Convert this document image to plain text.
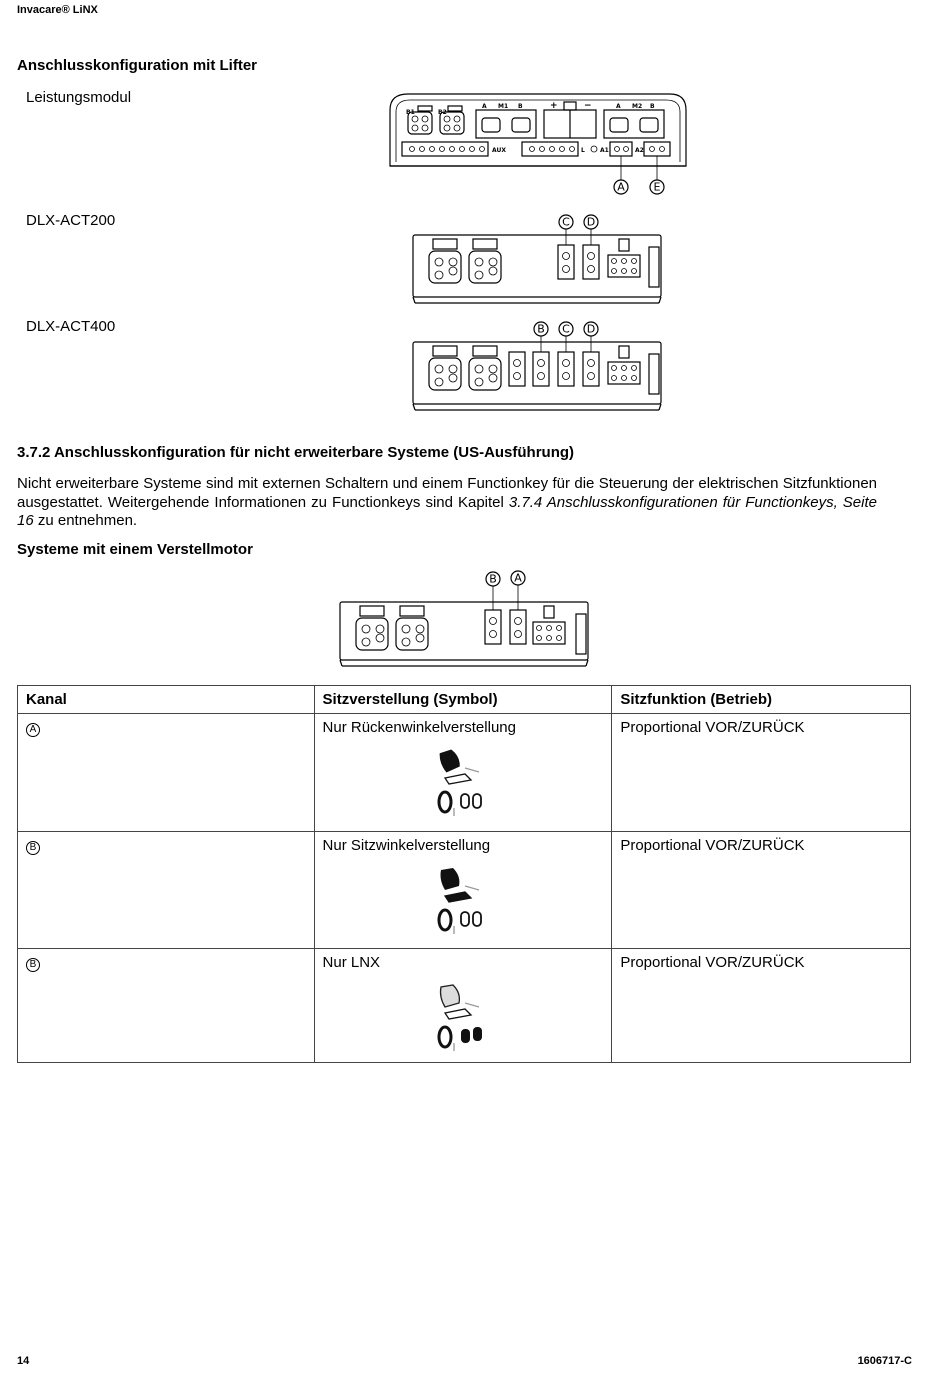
Invacare® LiNX
Anschlusskonfiguration mit Lifter
Leistungsmodul
DLX-ACT200
DLX-ACT400
B1	B2
A M1 B	+	−	A M2 B
AUX	L	A1	A2
A	E
C D
B C D
3.7.2 Anschlusskonfiguration für nicht erweiterbare Systeme (US-Ausführung)
Nicht erweiterbare Systeme sind mit externen Schaltern und einem Functionkey für die Steuerung der elektrischen Sitzfunktionen ausgestattet. Weitergehende Informationen zu Functionkeys sind Kapitel 3.7.4 Anschlusskonfigurationen für Functionkeys, Seite 16 zu entnehmen.
Systeme mit einem Verstellmotor
B A
Kanal	Sitzverstellung (Symbol)	Sitzfunktion (Betrieb)
A	Nur Rückenwinkelverstellung	Proportional VOR/ZURÜCK
B	Nur Sitzwinkelverstellung	Proportional VOR/ZURÜCK
B	Nur LNX	Proportional VOR/ZURÜCK
14	1606717-C
